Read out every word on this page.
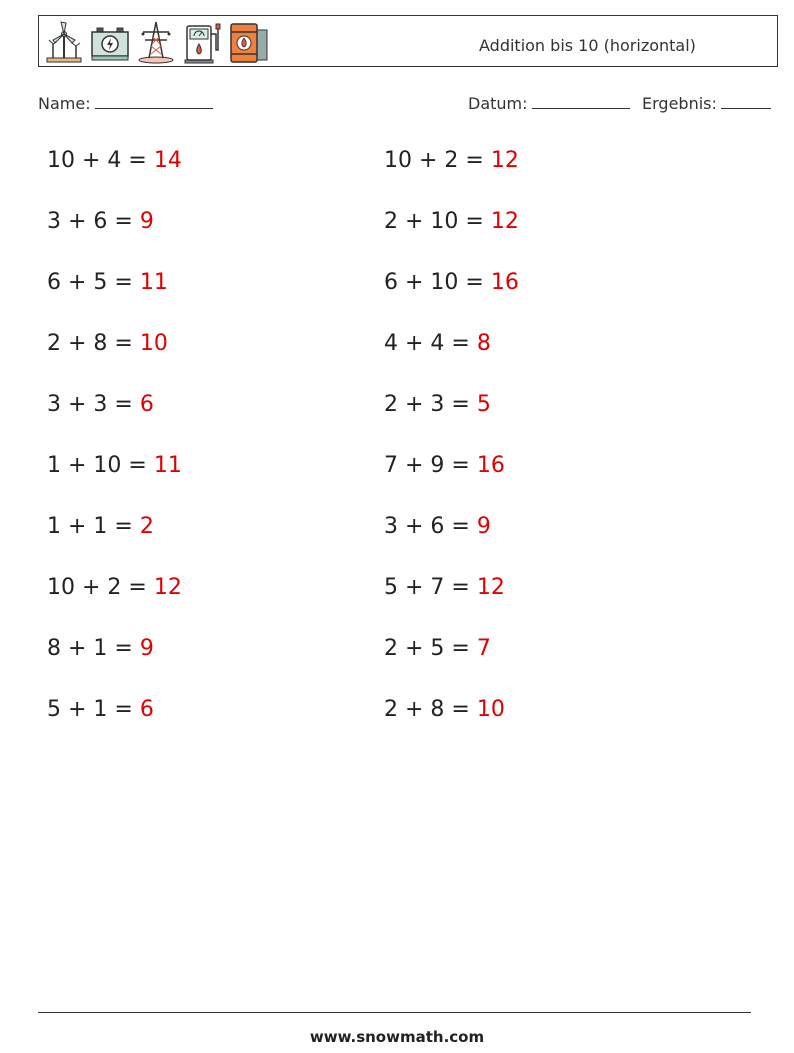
Addition bis 10 (horizontal)
Name:	Datum:	Ergebnis:
10 + 4 = 14
3 + 6 = 9
6 + 5 = 11
2 + 8 = 10
3 + 3 = 6
1 + 10 = 11
1 + 1 = 2
10 + 2 = 12
8 + 1 = 9
5 + 1 = 6
10 + 2 = 12
2 + 10 = 12
6 + 10 = 16
4 + 4 = 8
2 + 3 = 5
7 + 9 = 16
3 + 6 = 9
5 + 7 = 12
2 + 5 = 7
2 + 8 = 10
www.snowmath.com
